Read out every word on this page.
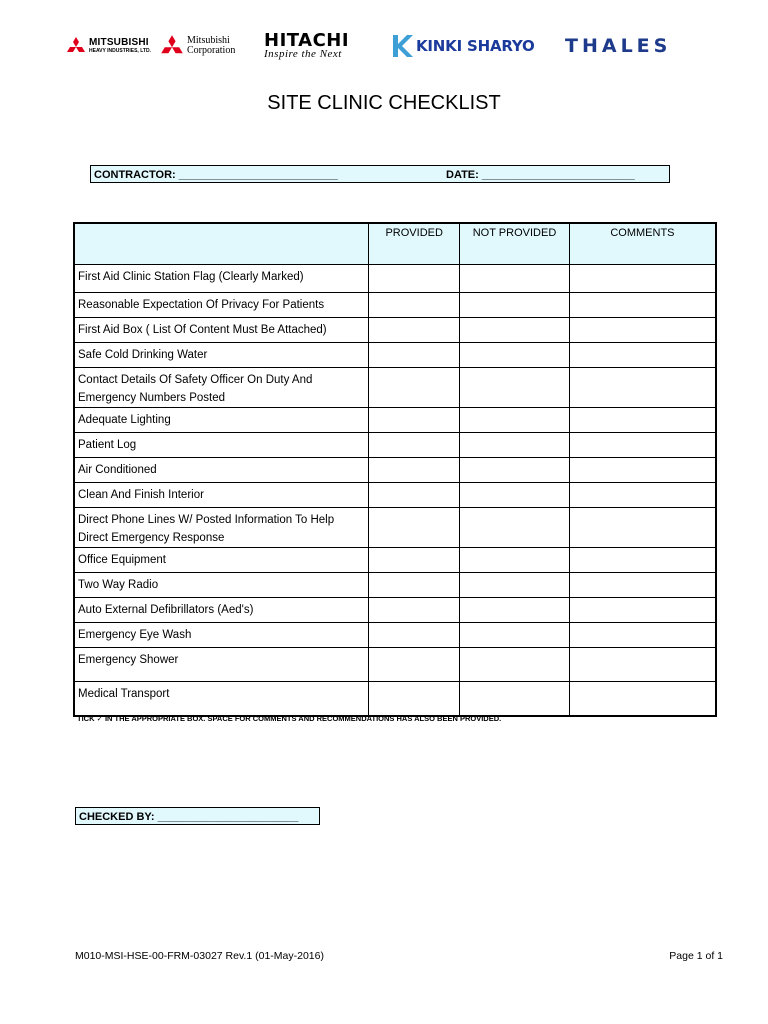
MITSUBISHI
HEAVY INDUSTRIES, LTD.
Mitsubishi
Corporation HITACHI
Inspire the Next	KINKI SHARYO THALES
SITE CLINIC CHECKLIST
CONTRACTOR: __________________________	DATE: _________________________
	PROVIDED	NOT PROVIDED	COMMENTS
First Aid Clinic Station Flag (Clearly Marked)			
Reasonable Expectation Of Privacy For Patients			
First Aid Box ( List Of Content Must Be Attached)			
Safe Cold Drinking Water			
Contact Details Of Safety Officer On Duty And Emergency Numbers Posted			
Adequate Lighting			
Patient Log			
Air Conditioned			
Clean And Finish Interior			
Direct Phone Lines W/ Posted Information To Help Direct Emergency Response			
Office Equipment			
Two Way Radio			
Auto External Defibrillators (Aed's)			
Emergency Eye Wash			
Emergency Shower			
Medical Transport			
TICK ✓ IN THE APPROPRIATE BOX. SPACE FOR COMMENTS AND RECOMMENDATIONS HAS ALSO BEEN PROVIDED.
CHECKED BY: _______________________
M010-MSI-HSE-00-FRM-03027 Rev.1 (01-May-2016)	Page 1 of 1
